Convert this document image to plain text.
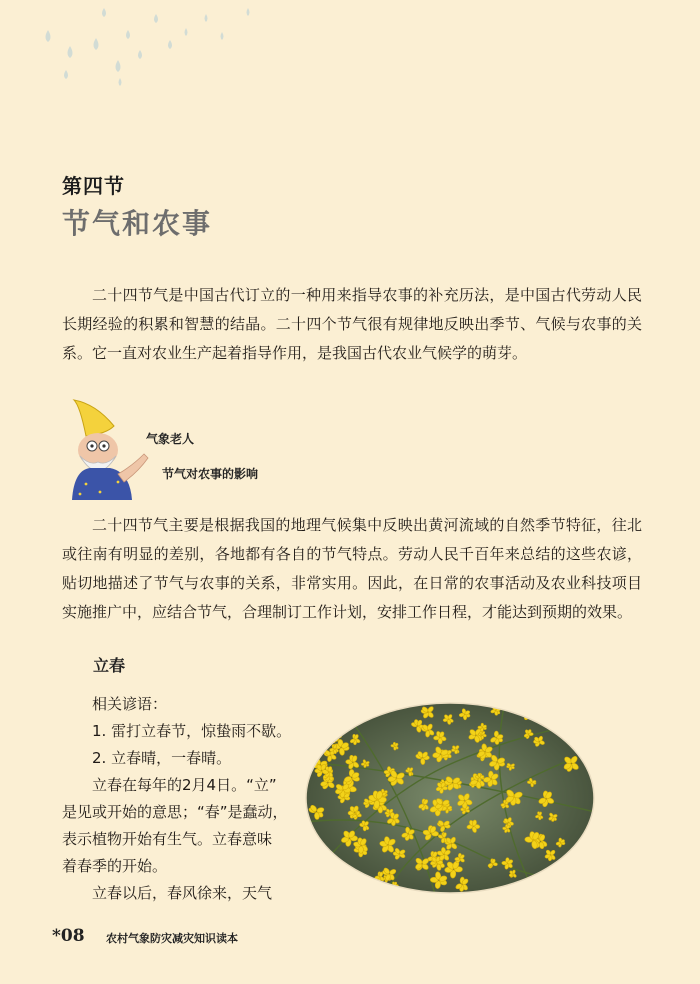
第四节
节气和农事

二十四节气是中国古代订立的一种用来指导农事的补充历法，是中国古代劳动人民长期经验的积累和智慧的结晶。二十四个节气很有规律地反映出季节、气候与农事的关系。它一直对农业生产起着指导作用，是我国古代农业气候学的萌芽。

气象老人
节气对农事的影响

二十四节气主要是根据我国的地理气候集中反映出黄河流域的自然季节特征，往北或往南有明显的差别，各地都有各自的节气特点。劳动人民千百年来总结的这些农谚，贴切地描述了节气与农事的关系，非常实用。因此，在日常的农事活动及农业科技项目实施推广中，应结合节气，合理制订工作计划，安排工作日程，才能达到预期的效果。

立春
相关谚语：
1. 雷打立春节，惊蛰雨不歇。
2. 立春晴，一春晴。
立春在每年的2月4日。“立”
是见或开始的意思；“春”是蠢动，
表示植物开始有生气。立春意味
着春季的开始。
立春以后，春风徐来，天气
*08 农村气象防灾减灾知识读本
